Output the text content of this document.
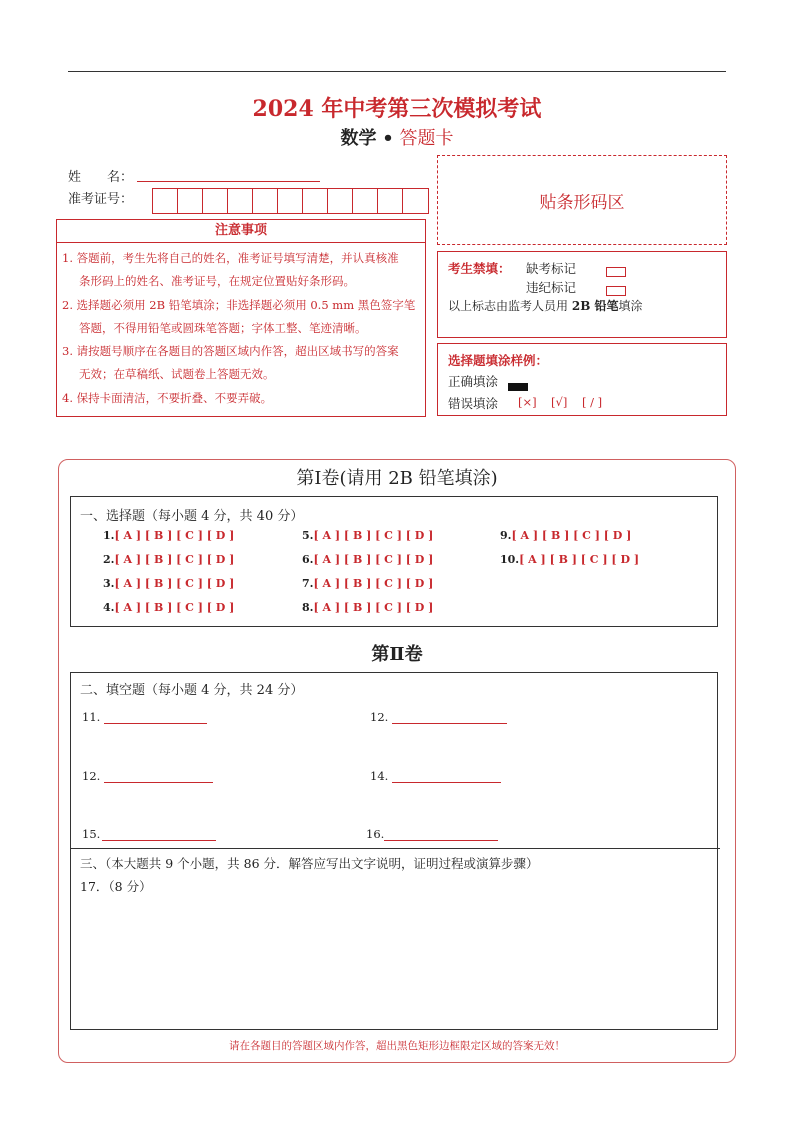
2024 年中考第三次模拟考试
数学 • 答题卡
姓　　名：
准考证号：	贴条形码区
注意事项

1. 答题前，考生先将自己的姓名，准考证号填写清楚，并认真核准

条形码上的姓名、准考证号，在规定位置贴好条形码。

2. 选择题必须用 2B 铅笔填涂；非选择题必须用 0.5 mm 黑色签字笔

答题，不得用铅笔或圆珠笔答题；字体工整、笔迹清晰。

3. 请按题号顺序在各题目的答题区域内作答，超出区域书写的答案

无效；在草稿纸、试题卷上答题无效。

4. 保持卡面清洁，不要折叠、不要弄破。

考生禁填： 缺考标记
违纪标记
以上标志由监考人员用 2B 铅笔填涂
选择题填涂样例：
正确填涂
错误填涂 [×] [√] [ / ]
第Ⅰ卷(请用 2B 铅笔填涂)
一、选择题（每小题 4 分，共 40 分）
1.[ A ] [ B ] [ C ] [ D ]
2.[ A ] [ B ] [ C ] [ D ]
3.[ A ] [ B ] [ C ] [ D ]
4.[ A ] [ B ] [ C ] [ D ]
5.[ A ] [ B ] [ C ] [ D ]
6.[ A ] [ B ] [ C ] [ D ]
7.[ A ] [ B ] [ C ] [ D ]
8.[ A ] [ B ] [ C ] [ D ]
9.[ A ] [ B ] [ C ] [ D ]
10.[ A ] [ B ] [ C ] [ D ]
第Ⅱ卷
二、填空题（每小题 4 分，共 24 分）
11.	12.
12.	14.
15.	16.
三、（本大题共 9 个小题，共 86 分．解答应写出文字说明，证明过程或演算步骤）
17．（8 分）
请在各题目的答题区域内作答，超出黑色矩形边框限定区域的答案无效！
